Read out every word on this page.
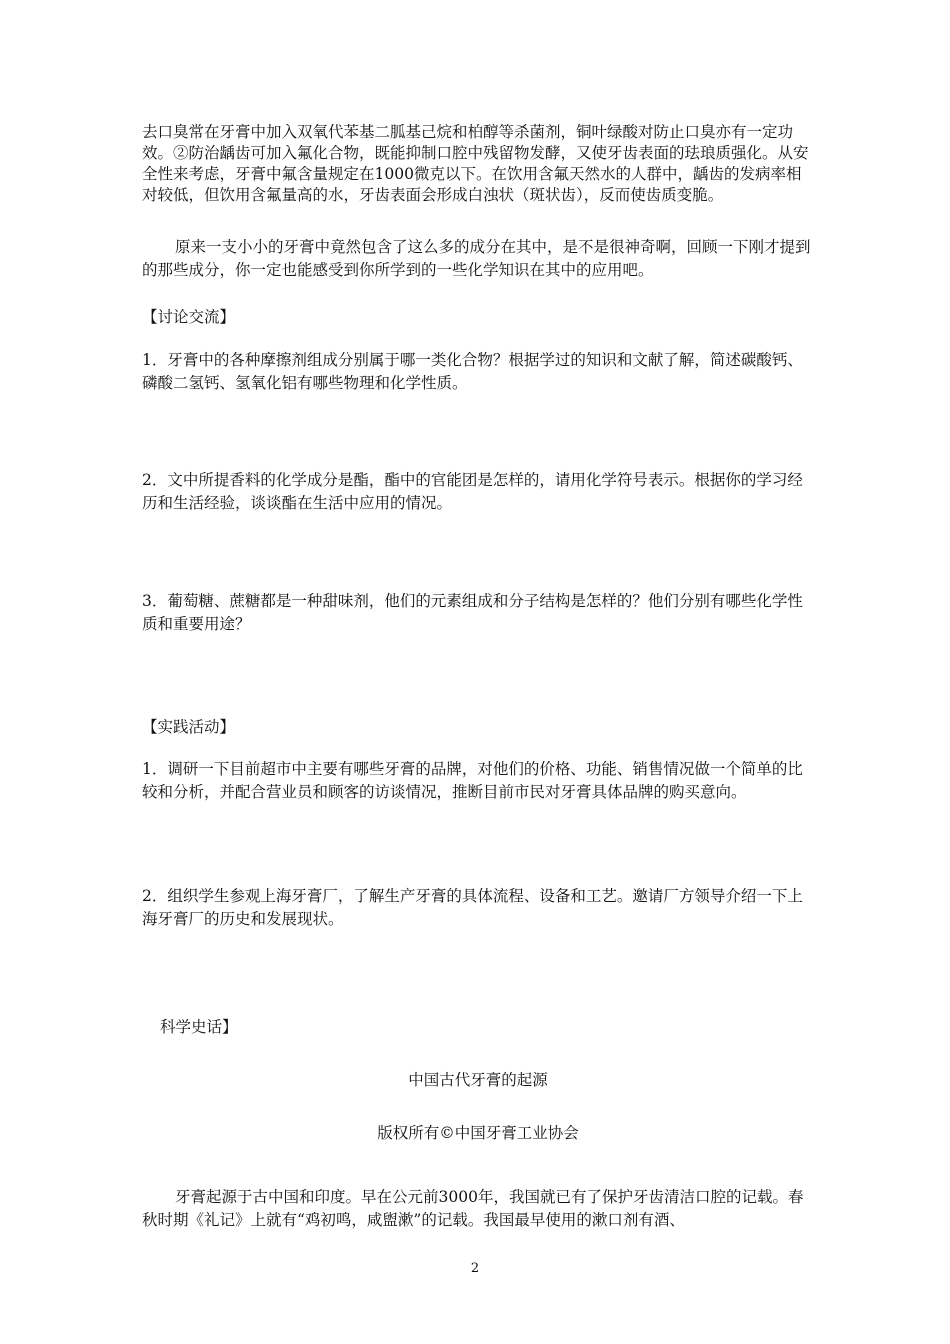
去口臭常在牙膏中加入双氧代苯基二胍基己烷和柏醇等杀菌剂，铜叶绿酸对防止口臭亦有一定功效。②防治龋齿可加入氟化合物，既能抑制口腔中残留物发酵，又使牙齿表面的珐琅质强化。从安全性来考虑，牙膏中氟含量规定在1000微克以下。在饮用含氟天然水的人群中，龋齿的发病率相对较低，但饮用含氟量高的水，牙齿表面会形成白浊状（斑状齿），反而使齿质变脆。

原来一支小小的牙膏中竟然包含了这么多的成分在其中，是不是很神奇啊，回顾一下刚才提到的那些成分，你一定也能感受到你所学到的一些化学知识在其中的应用吧。

【讨论交流】

1．牙膏中的各种摩擦剂组成分别属于哪一类化合物？根据学过的知识和文献了解，简述碳酸钙、磷酸二氢钙、氢氧化铝有哪些物理和化学性质。

2．文中所提香料的化学成分是酯，酯中的官能团是怎样的，请用化学符号表示。根据你的学习经历和生活经验，谈谈酯在生活中应用的情况。

3．葡萄糖、蔗糖都是一种甜味剂，他们的元素组成和分子结构是怎样的？他们分别有哪些化学性质和重要用途？

【实践活动】

1．调研一下目前超市中主要有哪些牙膏的品牌，对他们的价格、功能、销售情况做一个简单的比较和分析，并配合营业员和顾客的访谈情况，推断目前市民对牙膏具体品牌的购买意向。

2．组织学生参观上海牙膏厂，了解生产牙膏的具体流程、设备和工艺。邀请厂方领导介绍一下上海牙膏厂的历史和发展现状。

科学史话】

中国古代牙膏的起源

版权所有©中国牙膏工业协会

牙膏起源于古中国和印度。早在公元前3000年，我国就已有了保护牙齿清洁口腔的记载。春秋时期《礼记》上就有“鸡初鸣，咸盥漱”的记载。我国最早使用的漱口剂有酒、

2
